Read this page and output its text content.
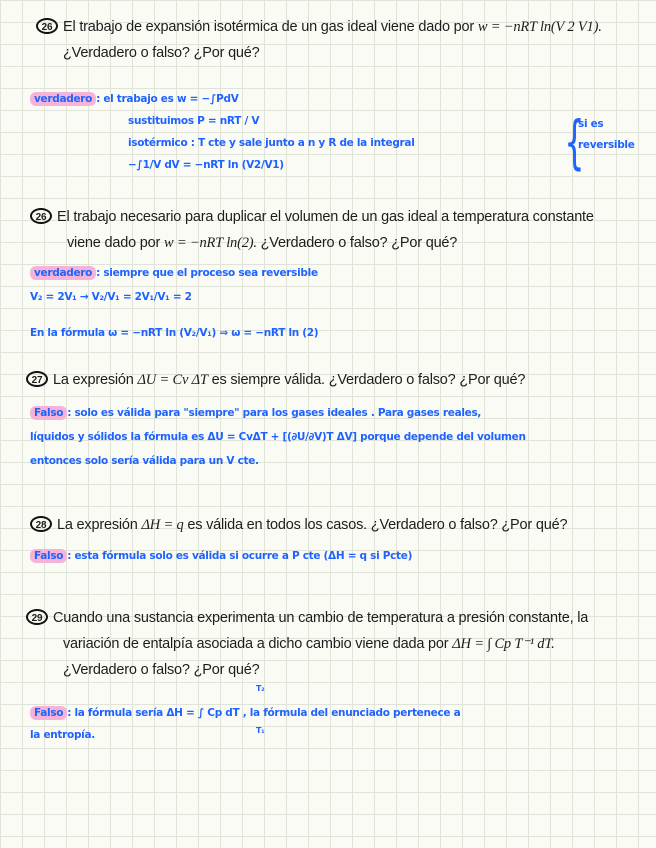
26 El trabajo de expansión isotérmica de un gas ideal viene dado por w = −nRT ln(V 2 V1).
¿Verdadero o falso? ¿Por qué?
verdadero : el trabajo es w = −∫PdV
sustituimos P = nRT / V
isotérmico : T cte y sale junto a n y R de la integral
−∫1/V dV = −nRT ln (V2/V1)	{
si es
reversible
26 El trabajo necesario para duplicar el volumen de un gas ideal a temperatura constante
viene dado por w = −nRT ln(2). ¿Verdadero o falso? ¿Por qué?
verdadero : siempre que el proceso sea reversible
V₂ = 2V₁ → V₂/V₁ = 2V₁/V₁ = 2
En la fórmula ω = −nRT ln (V₂/V₁) ⇒ ω = −nRT ln (2)
27 La expresión ΔU = Cv ΔT es siempre válida. ¿Verdadero o falso? ¿Por qué?
Falso : solo es válida para "siempre" para los gases ideales . Para gases reales,
líquidos y sólidos la fórmula es ΔU = CvΔT + [(∂U/∂V)T ΔV] porque depende del volumen
entonces solo sería válida para un V cte.
28 La expresión ΔH = q es válida en todos los casos. ¿Verdadero o falso? ¿Por qué?
Falso : esta fórmula solo es válida si ocurre a P cte (ΔH = q si Pcte)
29 Cuando una sustancia experimenta un cambio de temperatura a presión constante, la
variación de entalpía asociada a dicho cambio viene dada por ΔH = ∫ Cp T⁻¹ dT.
¿Verdadero o falso? ¿Por qué?
Falso : la fórmula sería ΔH = ∫ Cp dT , la fórmula del enunciado pertenece a
la entropía.
T₂
T₁
